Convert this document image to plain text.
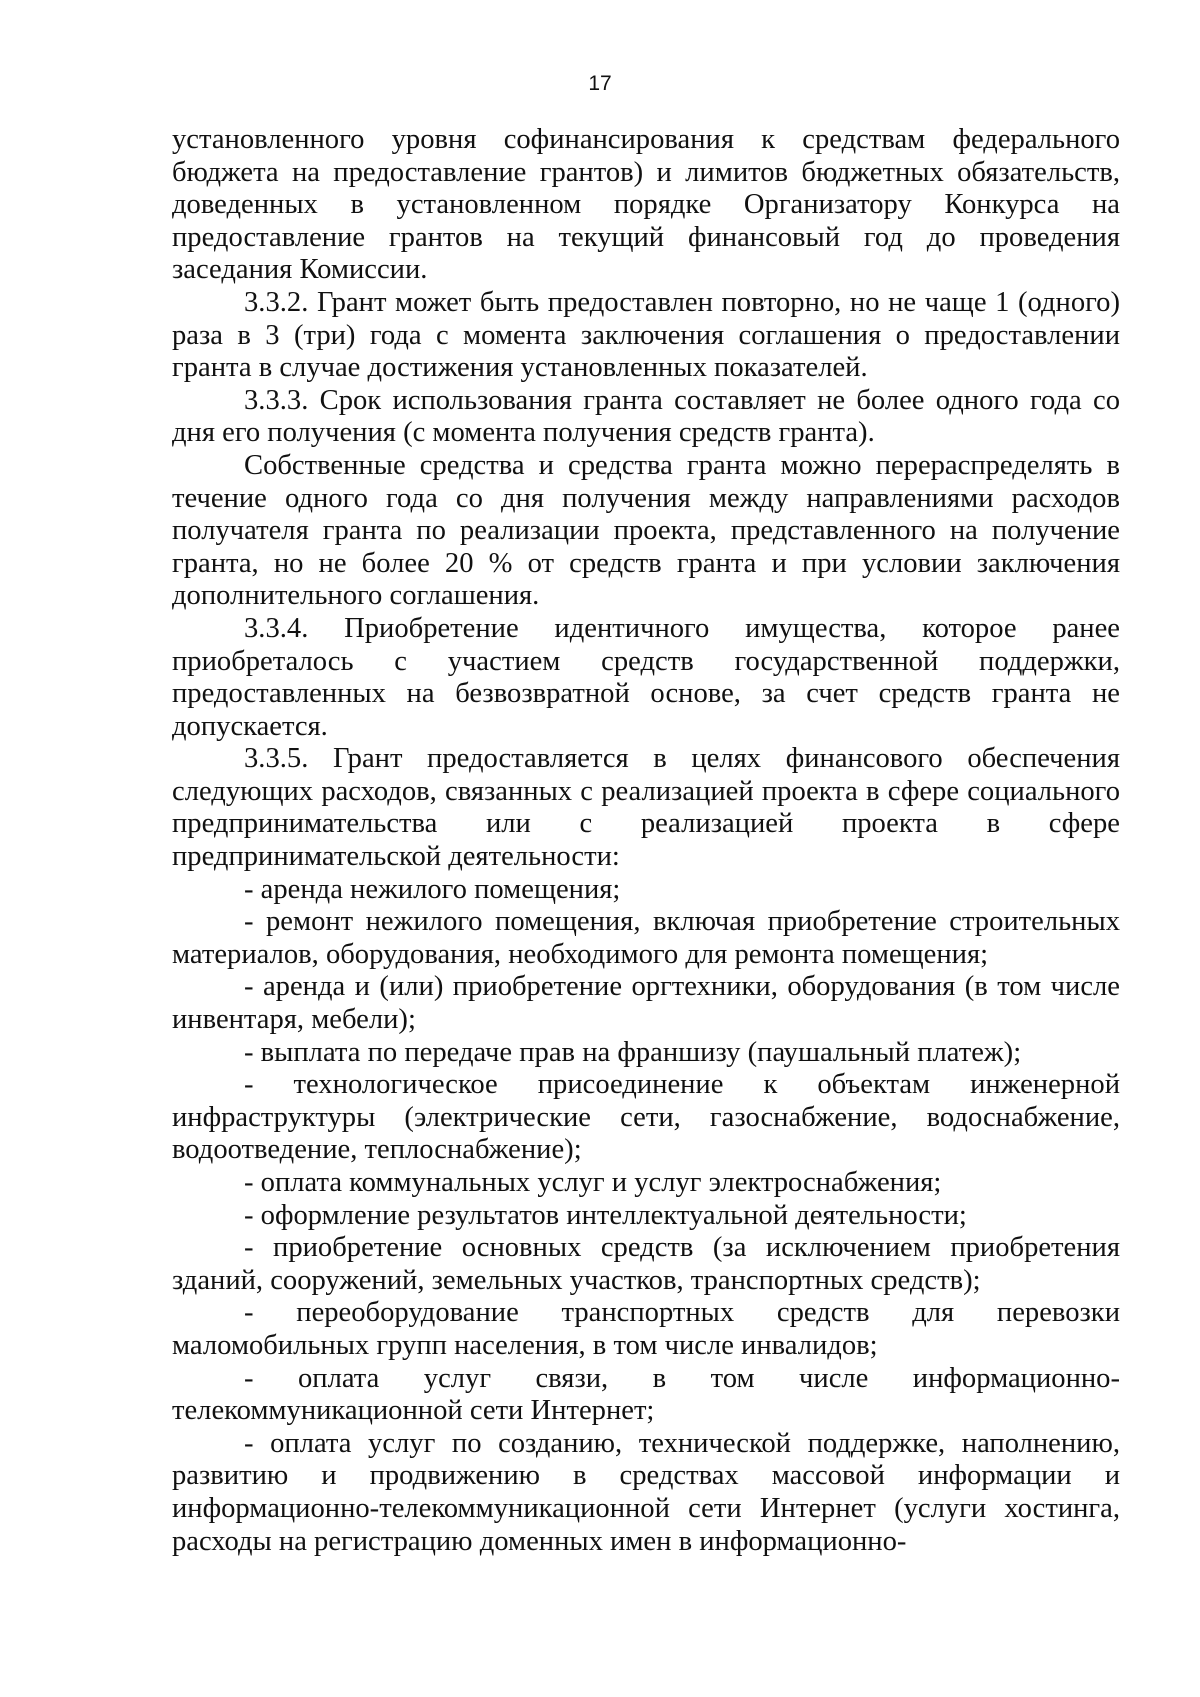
17

установленного уровня софинансирования к средствам федерального бюджета на предоставление грантов) и лимитов бюджетных обязательств, доведенных в установленном порядке Организатору Конкурса на предоставление грантов на текущий финансовый год до проведения заседания Комиссии.

3.3.2. Грант может быть предоставлен повторно, но не чаще 1 (одного) раза в 3 (три) года с момента заключения соглашения о предоставлении гранта в случае достижения установленных показателей.

3.3.3. Срок использования гранта составляет не более одного года со дня его получения (с момента получения средств гранта).

Собственные средства и средства гранта можно перераспределять в течение одного года со дня получения между направлениями расходов получателя гранта по реализации проекта, представленного на получение гранта, но не более 20 % от средств гранта и при условии заключения дополнительного соглашения.

3.3.4. Приобретение идентичного имущества, которое ранее приобреталось с участием средств государственной поддержки, предоставленных на безвозвратной основе, за счет средств гранта не допускается.

3.3.5. Грант предоставляется в целях финансового обеспечения следующих расходов, связанных с реализацией проекта в сфере социального предпринимательства или с реализацией проекта в сфере предпринимательской деятельности:

- аренда нежилого помещения;

- ремонт нежилого помещения, включая приобретение строительных материалов, оборудования, необходимого для ремонта помещения;

- аренда и (или) приобретение оргтехники, оборудования (в том числе инвентаря, мебели);

- выплата по передаче прав на франшизу (паушальный платеж);

- технологическое присоединение к объектам инженерной инфраструктуры (электрические сети, газоснабжение, водоснабжение, водоотведение, теплоснабжение);

- оплата коммунальных услуг и услуг электроснабжения;

- оформление результатов интеллектуальной деятельности;

- приобретение основных средств (за исключением приобретения зданий, сооружений, земельных участков, транспортных средств);

- переоборудование транспортных средств для перевозки маломобильных групп населения, в том числе инвалидов;

- оплата услуг связи, в том числе информационно-телекоммуникационной сети Интернет;

- оплата услуг по созданию, технической поддержке, наполнению, развитию и продвижению в средствах массовой информации и информационно-телекоммуникационной сети Интернет (услуги хостинга, расходы на регистрацию доменных имен в информационно-
